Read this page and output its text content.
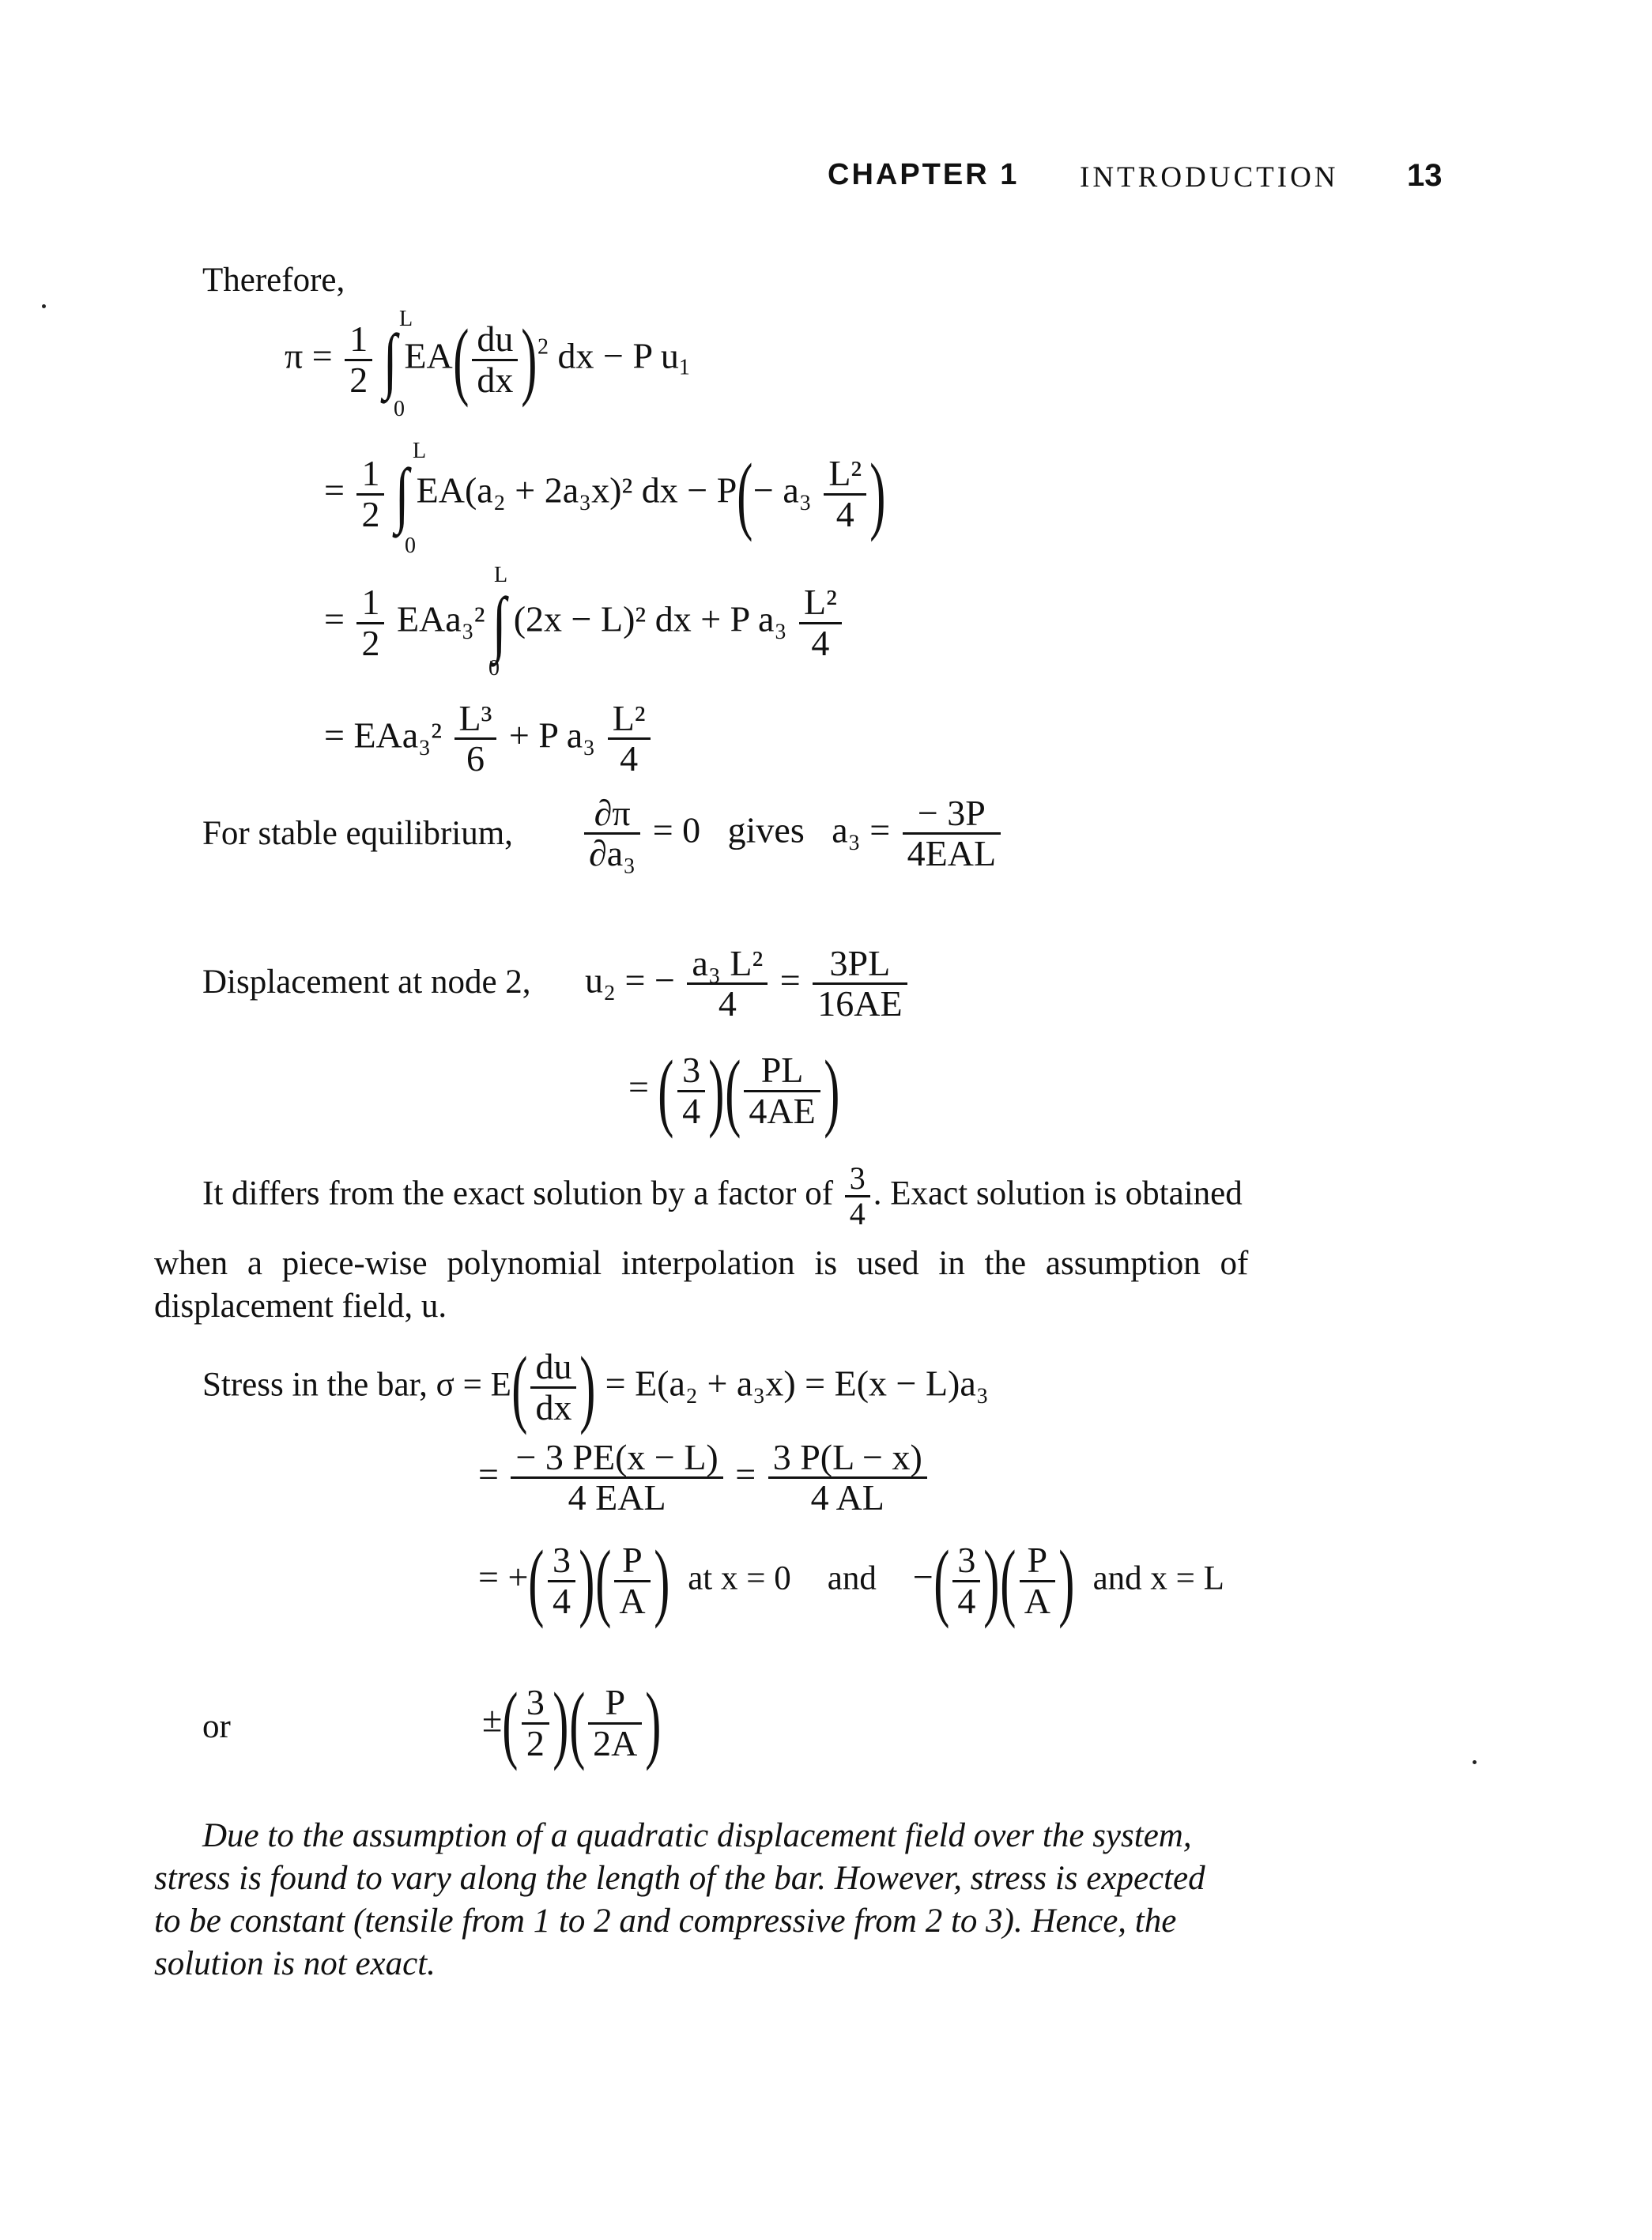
CHAPTER 1 INTRODUCTION 13
Therefore,
$\pi = \frac{1}{2}$ ∫ $EA( \frac{du}{dx} )^2$ dx − P $u_1$
L
0
= $\frac{1}{2}$ ∫ EA(a₂ + 2a₃x)² dx − $P(- a_3 \frac{\text{L²}}{4}$ )
L
0
= $\frac{1}{2} EAa_3^2$ ∫ (2x − L)² dx + P $a_3 \frac{\text{L²}}{4}$
L
0
= $EAa_3^2 \frac{\text{L³}}{6} + P$ $a_3 \frac{\text{L²}}{4}$
For stable equilibrium, $\frac{\partial\pi}{\text{∂a₃}} = 0$ gives $a_3 = \frac{- 3P}{\text{4EAL}}$
Displacement at node 2, u₂ = − $\frac{\text{a₃ L²}}{4} = \frac{3PL}{16AE}$
= ( $\frac{3}{4}$ )( $\frac{PL}{4AE}$ )
It differs from the exact solution by a factor of $\frac{3}{4}$ . Exact solution is obtained
when a piece-wise polynomial interpolation is used in the assumption of
displacement field, u.
Stress in the bar, $\sigma = E( \frac{du}{dx}$ ) = E(a₂ + a₃x) = E(x − L)a₃
= $\frac{- 3 PE(x - L)}{\text{4 EAL}} = \frac{3 P(L - x)}{4 AL}$
= +( $\frac{3}{4}$ )( $\frac{P}{A}$ ) at x = 0 and −( $\frac{3}{4}$ )( $\frac{P}{A}$ ) and x = L
or	±( $\frac{3}{2}$ )( $\frac{P}{2A}$ )
Due to the assumption of a quadratic displacement field over the system,
stress is found to vary along the length of the bar. However, stress is expected
to be constant (tensile from 1 to 2 and compressive from 2 to 3). Hence, the
solution is not exact.
